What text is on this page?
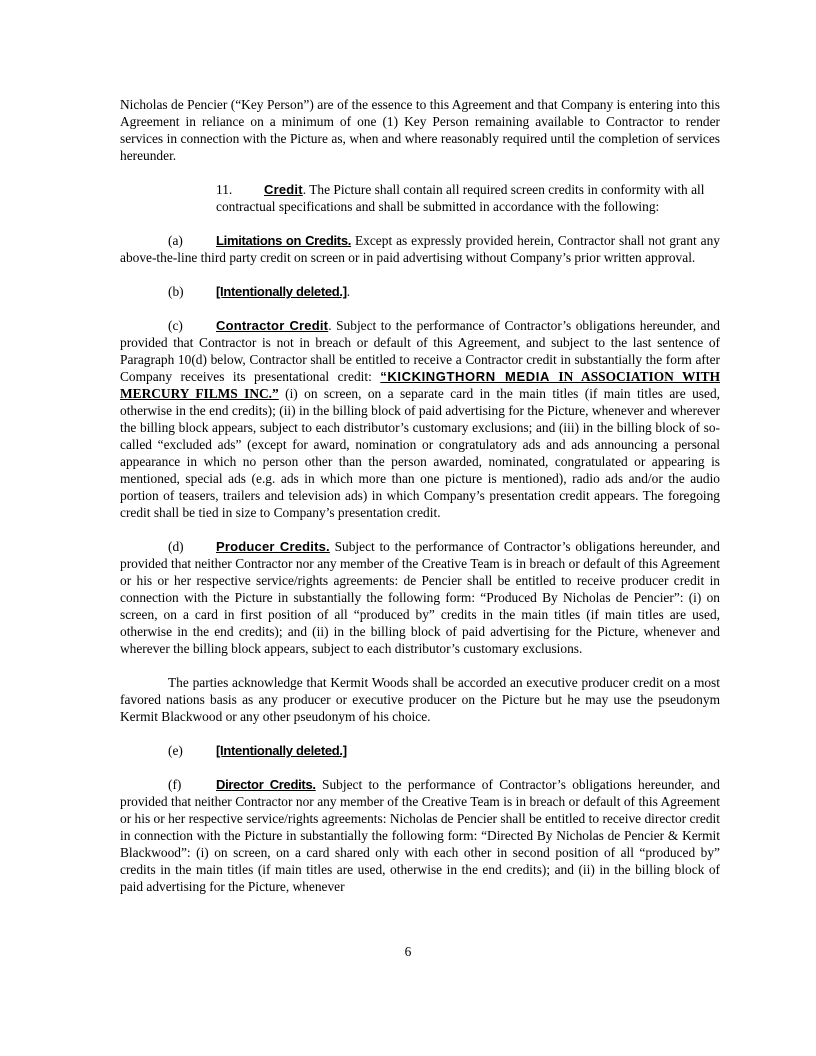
Nicholas de Pencier (“Key Person”) are of the essence to this Agreement and that Company is entering into this Agreement in reliance on a minimum of one (1) Key Person remaining available to Contractor to render services in connection with the Picture as, when and where reasonably required until the completion of services hereunder.

11. Credit. The Picture shall contain all required screen credits in conformity with all contractual specifications and shall be submitted in accordance with the following:

(a)	Limitations on Credits. Except as expressly provided herein, Contractor shall not grant any above-the-line third party credit on screen or in paid advertising without Company’s prior written approval.

(b) [Intentionally deleted.].

(c)	Contractor Credit. Subject to the performance of Contractor’s obligations hereunder, and provided that Contractor is not in breach or default of this Agreement, and subject to the last sentence of Paragraph 10(d) below, Contractor shall be entitled to receive a Contractor credit in substantially the form after Company receives its presentational credit: “KICKINGTHORN MEDIA IN ASSOCIATION WITH MERCURY FILMS INC.” (i) on screen, on a separate card in the main titles (if main titles are used, otherwise in the end credits); (ii) in the billing block of paid advertising for the Picture, whenever and wherever the billing block appears, subject to each distributor’s customary exclusions; and (iii) in the billing block of so-called “excluded ads” (except for award, nomination or congratulatory ads and ads announcing a personal appearance in which no person other than the person awarded, nominated, congratulated or appearing is mentioned, special ads (e.g. ads in which more than one picture is mentioned), radio ads and/or the audio portion of teasers, trailers and television ads) in which Company’s presentation credit appears. The foregoing credit shall be tied in size to Company’s presentation credit.

(d) Producer Credits. Subject to the performance of Contractor’s obligations hereunder, and provided that neither Contractor nor any member of the Creative Team is in breach or default of this Agreement or his or her respective service/rights agreements: de Pencier shall be entitled to receive producer credit in connection with the Picture in substantially the following form: “Produced By Nicholas de Pencier”: (i) on screen, on a card in first position of all “produced by” credits in the main titles (if main titles are used, otherwise in the end credits); and (ii) in the billing block of paid advertising for the Picture, whenever and wherever the billing block appears, subject to each distributor’s customary exclusions.

The parties acknowledge that Kermit Woods shall be accorded an executive producer credit on a most favored nations basis as any producer or executive producer on the Picture but he may use the pseudonym Kermit Blackwood or any other pseudonym of his choice.

(e)	[Intentionally deleted.]

(f)	Director Credits. Subject to the performance of Contractor’s obligations hereunder, and provided that neither Contractor nor any member of the Creative Team is in breach or default of this Agreement or his or her respective service/rights agreements: Nicholas de Pencier shall be entitled to receive director credit in connection with the Picture in substantially the following form: “Directed By Nicholas de Pencier & Kermit Blackwood”: (i) on screen, on a card shared only with each other in second position of all “produced by” credits in the main titles (if main titles are used, otherwise in the end credits); and (ii) in the billing block of paid advertising for the Picture, whenever

6
